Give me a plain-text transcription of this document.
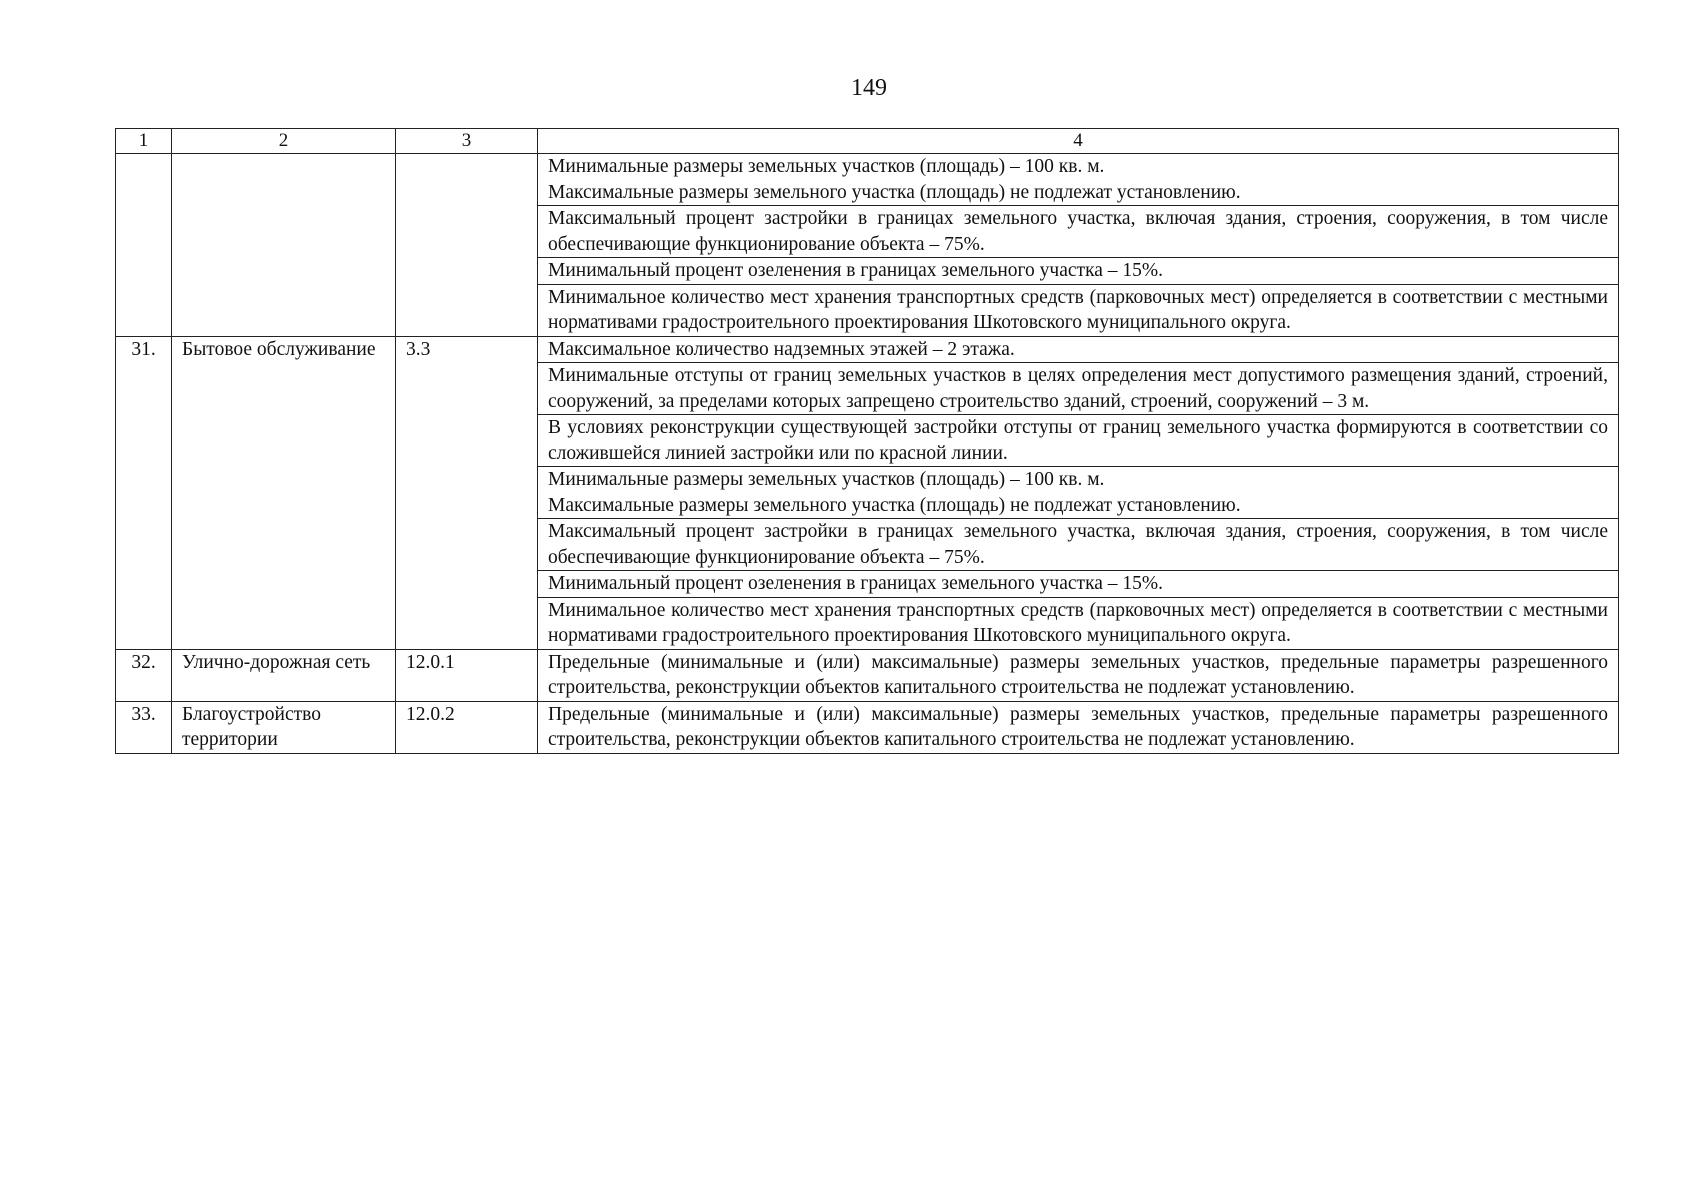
149
1	2	3	4
			Минимальные размеры земельных участков (площадь) – 100 кв. м.
Максимальные размеры земельного участка (площадь) не подлежат установлению.
			Максимальный процент застройки в границах земельного участка, включая здания, строения, сооружения, в том числе обеспечивающие функционирование объекта – 75%.
			Минимальный процент озеленения в границах земельного участка – 15%.
			Минимальное количество мест хранения транспортных средств (парковочных мест) определяется в соответствии с местными нормативами градостроительного проектирования Шкотовского муниципального округа.
31.	Бытовое обслуживание	3.3	Максимальное количество надземных этажей – 2 этажа.
			Минимальные отступы от границ земельных участков в целях определения мест допустимого размещения зданий, строений, сооружений, за пределами которых запрещено строительство зданий, строений, сооружений – 3 м.
			В условиях реконструкции существующей застройки отступы от границ земельного участка формируются в соответствии со сложившейся линией застройки или по красной линии.
			Минимальные размеры земельных участков (площадь) – 100 кв. м.
Максимальные размеры земельного участка (площадь) не подлежат установлению.
			Максимальный процент застройки в границах земельного участка, включая здания, строения, сооружения, в том числе обеспечивающие функционирование объекта – 75%.
			Минимальный процент озеленения в границах земельного участка – 15%.
			Минимальное количество мест хранения транспортных средств (парковочных мест) определяется в соответствии с местными нормативами градостроительного проектирования Шкотовского муниципального округа.
32.	Улично-дорожная сеть	12.0.1	Предельные (минимальные и (или) максимальные) размеры земельных участков, предельные параметры разрешенного строительства, реконструкции объектов капитального строительства не подлежат установлению.
33.	Благоустройство территории	12.0.2	Предельные (минимальные и (или) максимальные) размеры земельных участков, предельные параметры разрешенного строительства, реконструкции объектов капитального строительства не подлежат установлению.
